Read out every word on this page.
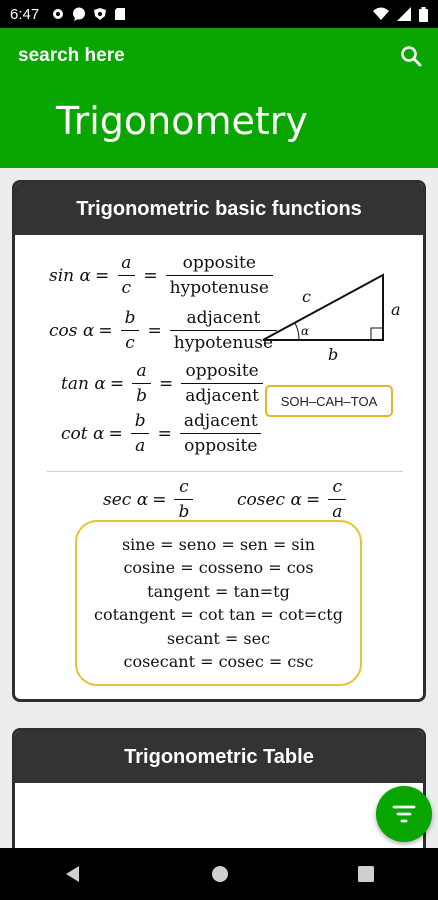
6:47
search here
Trigonometry
Trigonometric basic functions
$\sin \alpha = \frac{a}{c} = \frac{\text{opposite}}{\text{hypotenuse}}$
$\cos \alpha = \frac{b}{c} = \frac{\text{adjacent}}{\text{hypotenuse}}$
$\tan \alpha = \frac{a}{b} = \frac{\text{opposite}}{\text{adjacent}}$
$\cot \alpha = \frac{b}{a} = \frac{\text{adjacent}}{\text{opposite}}$
α
c
a
b
SOH–CAH–TOA
$\sec \alpha = \frac{c}{b}$	cosec $\alpha = \frac{c}{a}$
sine = seno = sen = sin
cosine = cosseno = cos
tangent = tan=tg
cotangent = cot tan = cot=ctg
secant = sec
cosecant = cosec = csc
Trigonometric Table
